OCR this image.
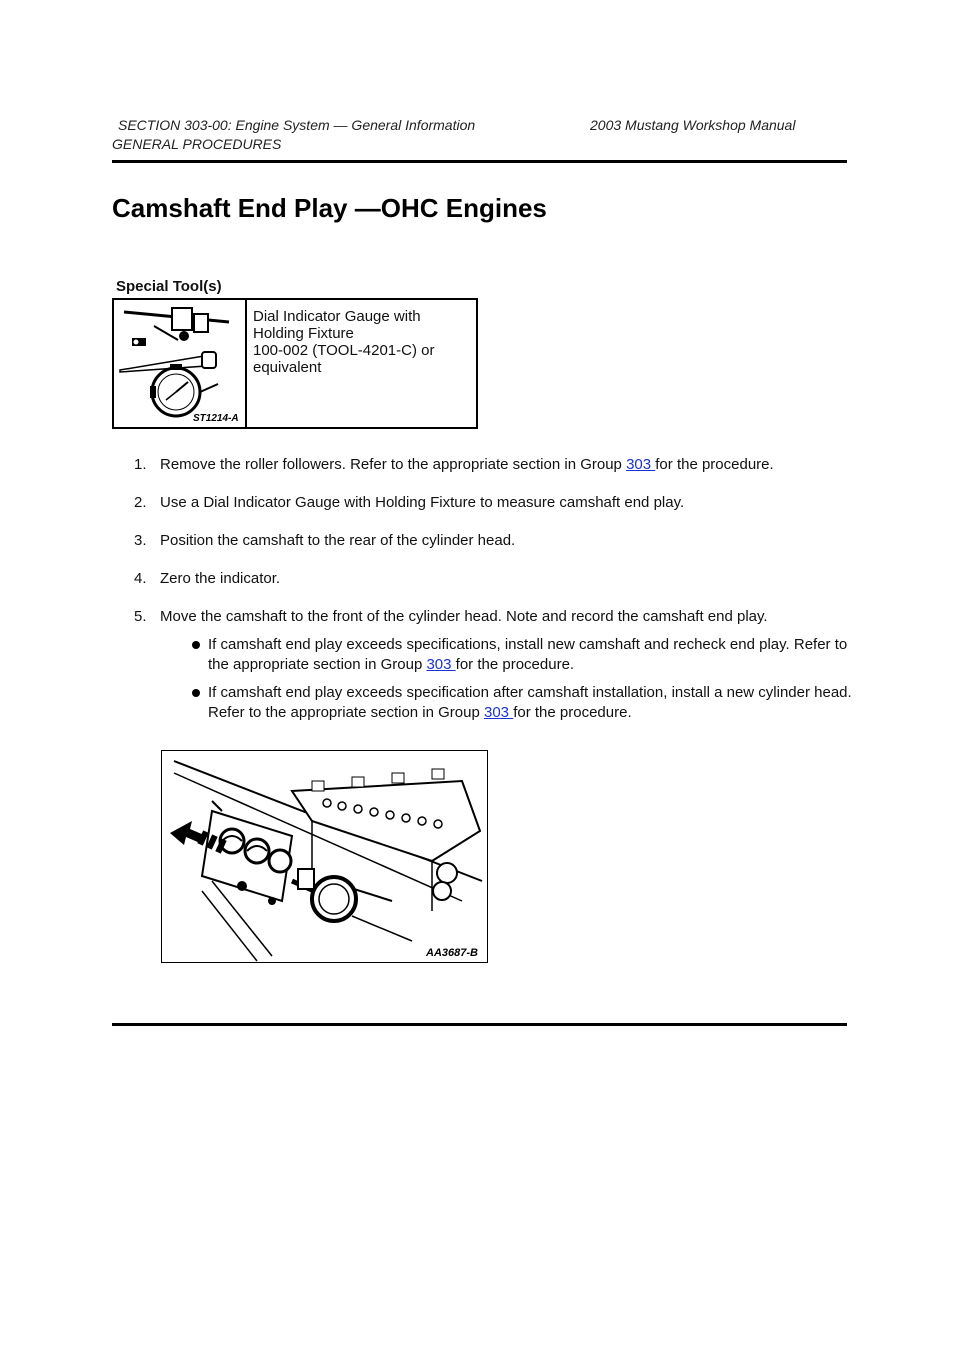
SECTION 303-00: Engine System — General Information	2003 Mustang Workshop Manual
GENERAL PROCEDURES
Camshaft End Play —OHC Engines
Special Tool(s)
ST1214-A
Dial Indicator Gauge with
Holding Fixture
100-002 (TOOL-4201-C) or
equivalent
1. Remove the roller followers. Refer to the appropriate section in Group 303 for the procedure.
2. Use a Dial Indicator Gauge with Holding Fixture to measure camshaft end play.
3. Position the camshaft to the rear of the cylinder head.
4. Zero the indicator.
5. Move the camshaft to the front of the cylinder head. Note and record the camshaft end play.
If camshaft end play exceeds specifications, install new camshaft and recheck end play. Refer to the appropriate section in Group 303 for the procedure.
If camshaft end play exceeds specification after camshaft installation, install a new cylinder head. Refer to the appropriate section in Group 303 for the procedure.
AA3687-B
